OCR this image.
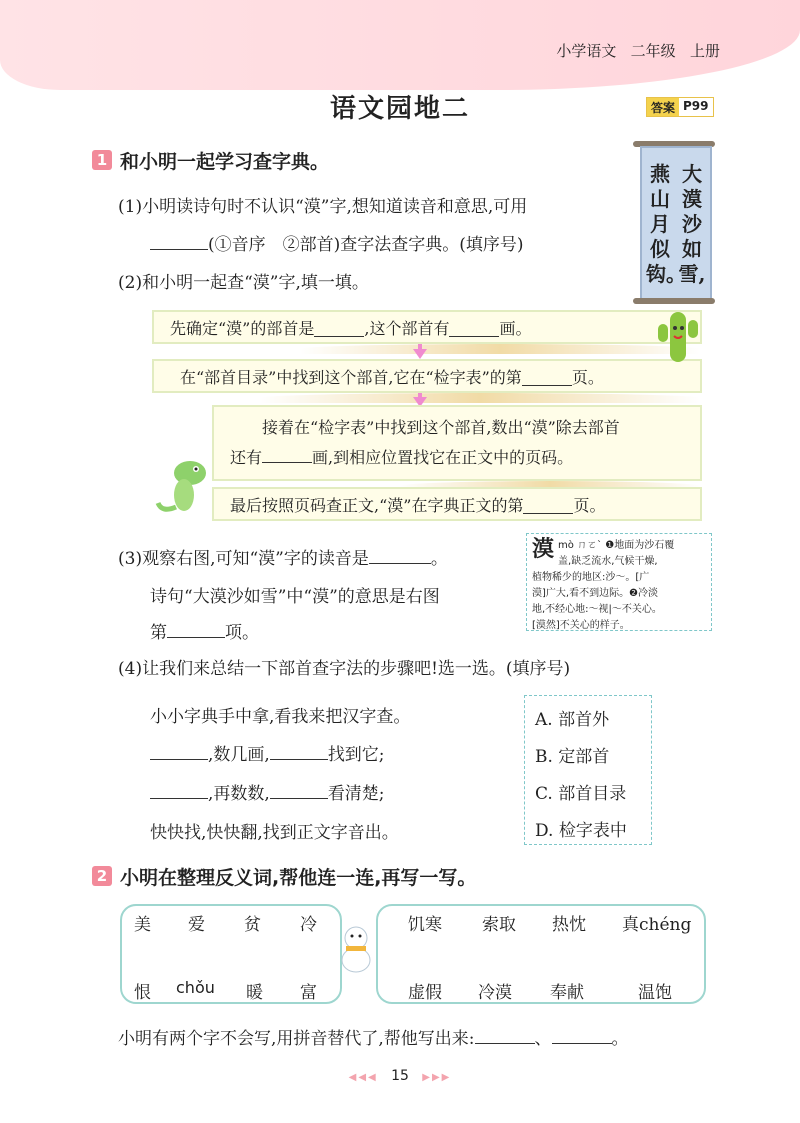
小学语文 二年级 上册
语文园地二	答案 P99
1 和小明一起学习查字典。	大漠沙如雪,
燕山月似钩。
(1)小明读诗句时不认识“漠”字,想知道读音和意思,可用
(①音序　②部首)查字法查字典。(填序号)
(2)和小明一起查“漠”字,填一填。
先确定“漠”的部首是	,这个部首有	画。
在“部首目录”中找到这个部首,它在“检字表”的第	页。
接着在“检字表”中找到这个部首,数出“漠”除去部首
还有	画,到相应位置找它在正文中的页码。
最后按照页码查正文,“漠”在字典正文的第	页。
(3)观察右图,可知“漠”字的读音是	。
诗句“大漠沙如雪”中“漠”的意思是右图
第	项。
漠 mò ㄇㄛˋ ❶地面为沙石覆
盖,缺乏流水,气候干燥,
植物稀少的地区:沙～。[广
漠]广大,看不到边际。❷冷淡
地,不经心地:～视|～不关心。
[漠然]不关心的样子。
(4)让我们来总结一下部首查字法的步骤吧!选一选。(填序号)
小小字典手中拿,看我来把汉字查。
,数几画,	找到它;
,再数数,	看清楚;
快快找,快快翻,找到正文字音出。
A. 部首外
B. 定部首
C. 部首目录
D. 检字表中
2 小明在整理反义词,帮他连一连,再写一写。
美 爱 贫 冷
恨 chǒu 暖 富
饥寒 索取 热忱 真chéng
虚假 冷漠 奉献	温饱
小明有两个字不会写,用拼音替代了,帮他写出来:	、	。
◀◀◀ 15 ▶▶▶
